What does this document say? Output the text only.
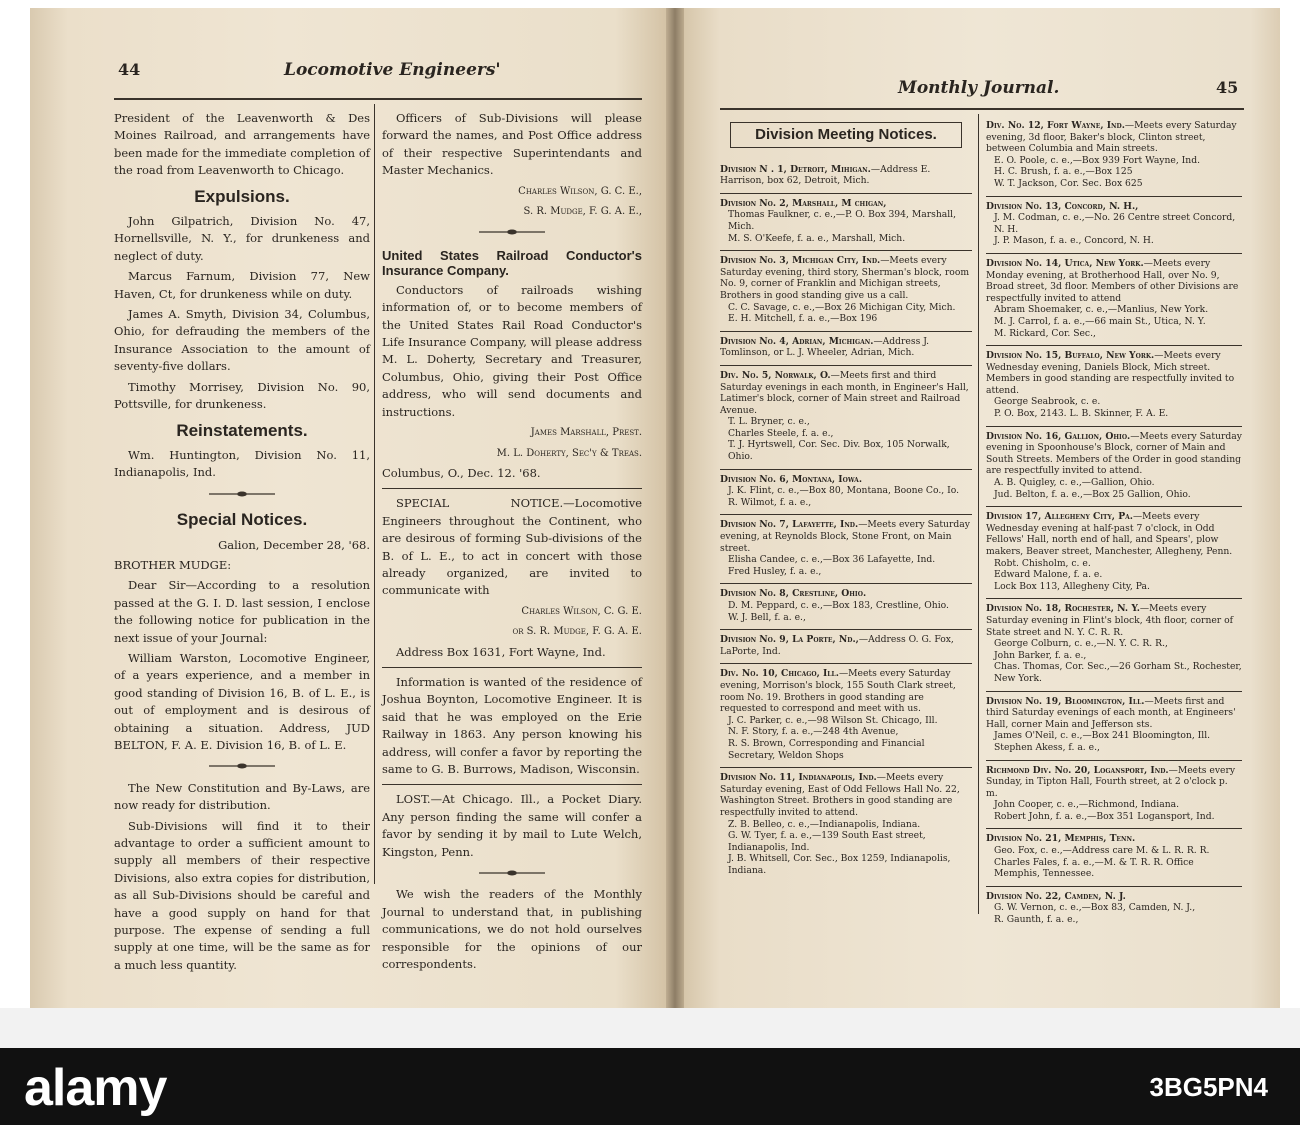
44	Locomotive Engineers'

President of the Leavenworth & Des Moines Railroad, and arrangements have been made for the immediate completion of the road from Leavenworth to Chicago.

Expulsions.

John Gilpatrich, Division No. 47, Hornellsville, N. Y., for drunkeness and neglect of duty.

Marcus Farnum, Division 77, New Haven, Ct, for drunkeness while on duty.

James A. Smyth, Division 34, Columbus, Ohio, for defrauding the members of the Insurance Association to the amount of seventy-five dollars.

Timothy Morrisey, Division No. 90, Pottsville, for drunkeness.

Reinstatements.

Wm. Huntington, Division No. 11, Indianapolis, Ind.

Special Notices.

Galion, December 28, '68.

BROTHER MUDGE:

Dear Sir—According to a resolution passed at the G. I. D. last session, I enclose the following notice for publication in the next issue of your Journal:

William Warston, Locomotive Engineer, of a years experience, and a member in good standing of Division 16, B. of L. E., is out of employment and is desirous of obtaining a situation. Address, JUD BELTON, F. A. E. Division 16, B. of L. E.

The New Constitution and By-Laws, are now ready for distribution.

Sub-Divisions will find it to their advantage to order a sufficient amount to supply all members of their respective Divisions, also extra copies for distribution, as all Sub-Divisions should be careful and have a good supply on hand for that purpose. The expense of sending a full supply at one time, will be the same as for a much less quantity.

Officers of Sub-Divisions will please forward the names, and Post Office address of their respective Superintendants and Master Mechanics.

Charles Wilson, G. C. E.,

S. R. Mudge, F. G. A. E.,

United States Railroad Conductor's Insurance Company.

Conductors of railroads wishing information of, or to become members of the United States Rail Road Conductor's Life Insurance Company, will please address M. L. Doherty, Secretary and Treasurer, Columbus, Ohio, giving their Post Office address, who will send documents and instructions.

James Marshall, Prest.

M. L. Doherty, Sec'y & Treas.

Columbus, O., Dec. 12. '68.

SPECIAL NOTICE.—Locomotive Engineers throughout the Continent, who are desirous of forming Sub-divisions of the B. of L. E., to act in concert with those already organized, are invited to communicate with

Charles Wilson, C. G. E.

or S. R. Mudge, F. G. A. E.

Address Box 1631, Fort Wayne, Ind.

Information is wanted of the residence of Joshua Boynton, Locomotive Engineer. It is said that he was employed on the Erie Railway in 1863. Any person knowing his address, will confer a favor by reporting the same to G. B. Burrows, Madison, Wisconsin.

LOST.—At Chicago. Ill., a Pocket Diary. Any person finding the same will confer a favor by sending it by mail to Lute Welch, Kingston, Penn.

We wish the readers of the Monthly Journal to understand that, in publishing communications, we do not hold ourselves responsible for the opinions of our correspondents.

Monthly Journal.	45
Division Meeting Notices.
Division N . 1, Detroit, Mihigan.—Address E. Harrison, box 62, Detroit, Mich.
Division No. 2, Marshall, M chigan,
Thomas Faulkner, c. e.,—P. O. Box 394, Marshall, Mich.
M. S. O'Keefe, f. a. e., Marshall, Mich.
Division No. 3, Michigan City, Ind.—Meets every Saturday evening, third story, Sherman's block, room No. 9, corner of Franklin and Michigan streets, Brothers in good standing give us a call.
C. C. Savage, c. e.,—Box 26 Michigan City, Mich.
E. H. Mitchell, f. a. e.,—Box 196
Division No. 4, Adrian, Michigan.—Address J. Tomlinson, or L. J. Wheeler, Adrian, Mich.
Div. No. 5, Norwalk, O.—Meets first and third Saturday evenings in each month, in Engineer's Hall, Latimer's block, corner of Main street and Railroad Avenue.
T. L. Bryner, c. e.,
Charles Steele, f. a. e.,
T. J. Hyrtswell, Cor. Sec. Div. Box, 105 Norwalk, Ohio.
Division No. 6, Montana, Iowa.
J. K. Flint, c. e.,—Box 80, Montana, Boone Co., Io.
R. Wilmot, f. a. e.,
Division No. 7, Lafayette, Ind.—Meets every Saturday evening, at Reynolds Block, Stone Front, on Main street.
Elisha Candee, c. e.,—Box 36 Lafayette, Ind.
Fred Husley, f. a. e.,
Division No. 8, Crestline, Ohio.
D. M. Peppard, c. e.,—Box 183, Crestline, Ohio.
W. J. Bell, f. a. e.,
Division No. 9, La Porte, Nd.,—Address O. G. Fox, LaPorte, Ind.
Div. No. 10, Chicago, Ill.—Meets every Saturday evening, Morrison's block, 155 South Clark street, room No. 19. Brothers in good standing are requested to correspond and meet with us.
J. C. Parker, c. e.,—98 Wilson St. Chicago, Ill.
N. F. Story, f. a. e.,—248 4th Avenue,
R. S. Brown, Corresponding and Financial Secretary, Weldon Shops
Division No. 11, Indianapolis, Ind.—Meets every Saturday evening, East of Odd Fellows Hall No. 22, Washington Street. Brothers in good standing are respectfully invited to attend.
Z. B. Belleo, c. e.,—Indianapolis, Indiana.
G. W. Tyer, f. a. e.,—139 South East street, Indianapolis, Ind.
J. B. Whitsell, Cor. Sec., Box 1259, Indianapolis, Indiana.
Div. No. 12, Fort Wayne, Ind.—Meets every Saturday evening, 3d floor, Baker's block, Clinton street, between Columbia and Main streets.
E. O. Poole, c. e.,—Box 939 Fort Wayne, Ind.
H. C. Brush, f. a. e.,—Box 125
W. T. Jackson, Cor. Sec. Box 625
Division No. 13, Concord, N. H.,
J. M. Codman, c. e.,—No. 26 Centre street Concord, N. H.
J. P. Mason, f. a. e., Concord, N. H.
Division No. 14, Utica, New York.—Meets every Monday evening, at Brotherhood Hall, over No. 9, Broad street, 3d floor. Members of other Divisions are respectfully invited to attend
Abram Shoemaker, c. e.,—Manlius, New York.
M. J. Carrol, f. a. e.,—66 main St., Utica, N. Y.
M. Rickard, Cor. Sec.,
Division No. 15, Buffalo, New York.—Meets every Wednesday evening, Daniels Block, Mich street. Members in good standing are respectfully invited to attend.
George Seabrook, c. e.
P. O. Box, 2143. L. B. Skinner, F. A. E.
Division No. 16, Gallion, Ohio.—Meets every Saturday evening in Spoonhouse's Block, corner of Main and South Streets. Members of the Order in good standing are respectfully invited to attend.
A. B. Quigley, c. e.,—Gallion, Ohio.
Jud. Belton, f. a. e.,—Box 25 Gallion, Ohio.
Division 17, Allegheny City, Pa.—Meets every Wednesday evening at half-past 7 o'clock, in Odd Fellows' Hall, north end of hall, and Spears', plow makers, Beaver street, Manchester, Allegheny, Penn.
Robt. Chisholm, c. e.
Edward Malone, f. a. e.
Lock Box 113, Allegheny City, Pa.
Division No. 18, Rochester, N. Y.—Meets every Saturday evening in Flint's block, 4th floor, corner of State street and N. Y. C. R. R.
George Colburn, c. e.,—N. Y. C. R. R.,
John Barker, f. a. e.,
Chas. Thomas, Cor. Sec.,—26 Gorham St., Rochester, New York.
Division No. 19, Bloomington, Ill.—Meets first and third Saturday evenings of each month, at Engineers' Hall, corner Main and Jefferson sts.
James O'Neil, c. e.,—Box 241 Bloomington, Ill.
Stephen Akess, f. a. e.,
Richmond Div. No. 20, Logansport, Ind.—Meets every Sunday, in Tipton Hall, Fourth street, at 2 o'clock p. m.
John Cooper, c. e.,—Richmond, Indiana.
Robert John, f. a. e.,—Box 351 Logansport, Ind.
Division No. 21, Memphis, Tenn.
Geo. Fox, c. e.,—Address care M. & L. R. R. R.
Charles Fales, f. a. e.,—M. & T. R. R. Office Memphis, Tennessee.
Division No. 22, Camden, N. J.
G. W. Vernon, c. e.,—Box 83, Camden, N. J.,
R. Gaunth, f. a. e.,
alamy	3BG5PN4
